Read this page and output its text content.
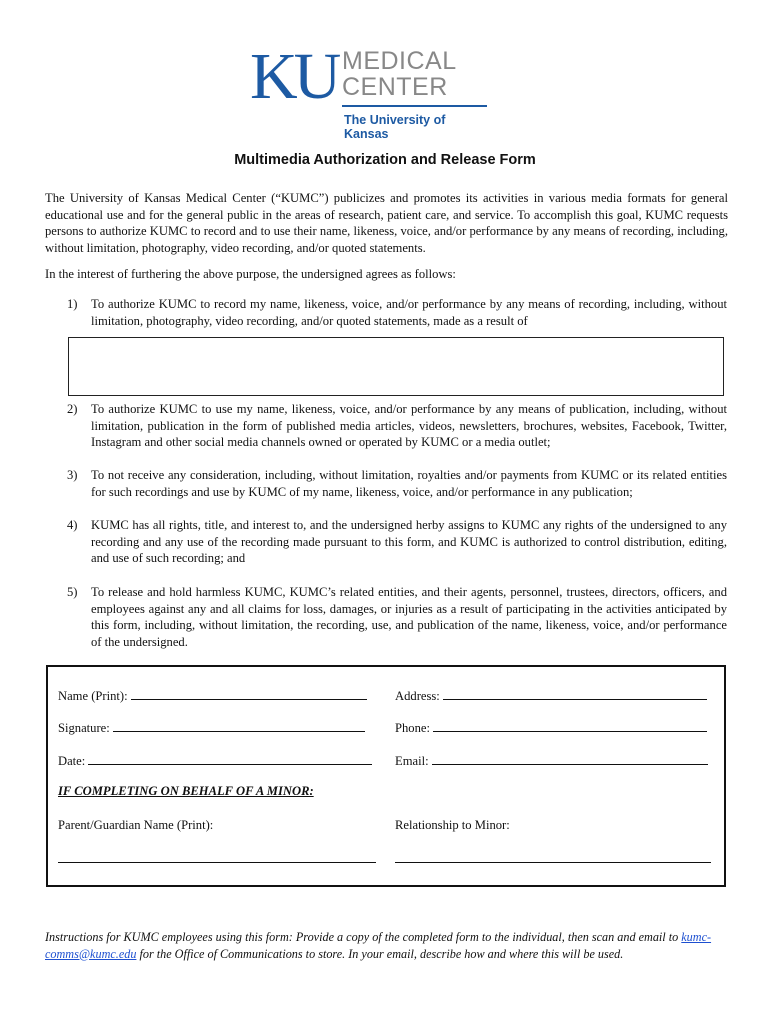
KU MEDICAL
CENTER
The University of Kansas
Multimedia Authorization and Release Form
The University of Kansas Medical Center (“KUMC”) publicizes and promotes its activities in various media formats for general educational use and for the general public in the areas of research, patient care, and service. To accomplish this goal, KUMC requests persons to authorize KUMC to record and to use their name, likeness, voice, and/or performance by any means of recording, including, without limitation, photography, video recording, and/or quoted statements.
In the interest of furthering the above purpose, the undersigned agrees as follows:
1) To authorize KUMC to record my name, likeness, voice, and/or performance by any means of recording, including, without limitation, photography, video recording, and/or quoted statements, made as a result of
2) To authorize KUMC to use my name, likeness, voice, and/or performance by any means of publication, including, without limitation, publication in the form of published media articles, videos, newsletters, brochures, websites, Facebook, Twitter, Instagram and other social media channels owned or operated by KUMC or a media outlet;
3) To not receive any consideration, including, without limitation, royalties and/or payments from KUMC or its related entities for such recordings and use by KUMC of my name, likeness, voice, and/or performance in any publication;
4) KUMC has all rights, title, and interest to, and the undersigned herby assigns to KUMC any rights of the undersigned to any recording and any use of the recording made pursuant to this form, and KUMC is authorized to control distribution, editing, and use of such recording; and
5) To release and hold harmless KUMC, KUMC’s related entities, and their agents, personnel, trustees, directors, officers, and employees against any and all claims for loss, damages, or injuries as a result of participating in the activities anticipated by this form, including, without limitation, the recording, use, and publication of the name, likeness, voice, and/or performance of the undersigned.
Name (Print):	Address:
Signature:	Phone:
Date:	Email:
IF COMPLETING ON BEHALF OF A MINOR:
Parent/Guardian Name (Print):	Relationship to Minor:
Instructions for KUMC employees using this form: Provide a copy of the completed form to the individual, then scan and email to kumc-comms@kumc.edu for the Office of Communications to store. In your email, describe how and where this will be used.
